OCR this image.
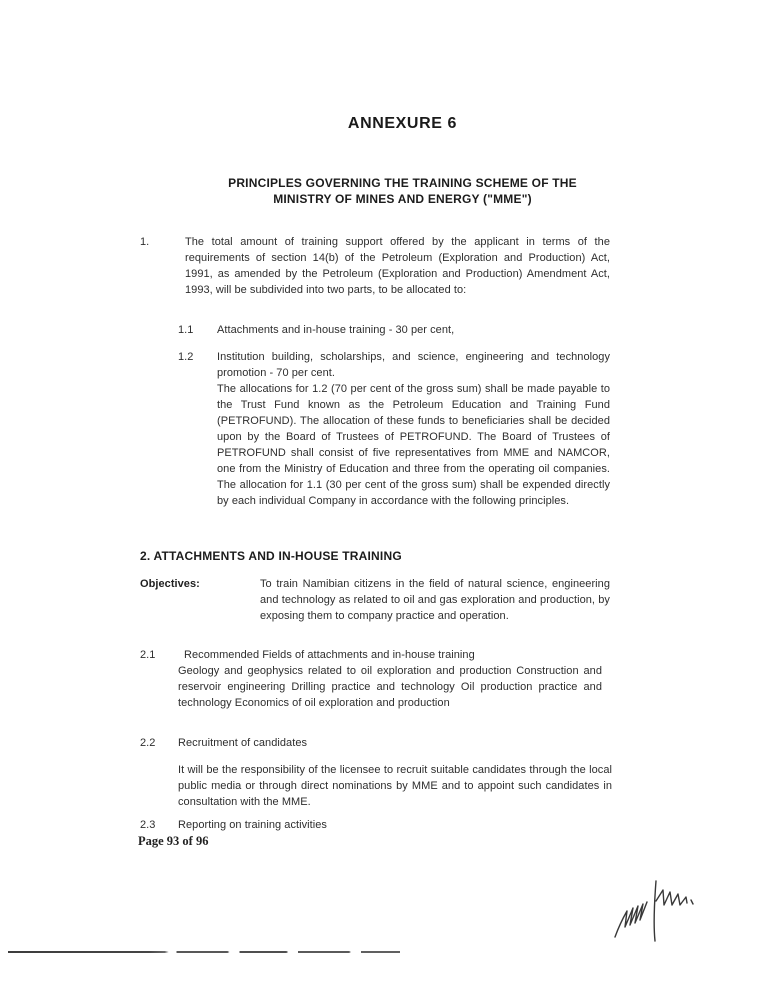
ANNEXURE 6
PRINCIPLES GOVERNING THE TRAINING SCHEME OF THE
MINISTRY OF MINES AND ENERGY ("MME")
1.	The total amount of training support offered by the applicant in terms of the requirements of section 14(b) of the Petroleum (Exploration and Production) Act, 1991, as amended by the Petroleum (Exploration and Production) Amendment Act, 1993, will be subdivided into two parts, to be allocated to:
1.1 Attachments and in-house training - 30 per cent,
1.2 Institution building, scholarships, and science, engineering and technology promotion - 70 per cent.
The allocations for 1.2 (70 per cent of the gross sum) shall be made payable to the Trust Fund known as the Petroleum Education and Training Fund (PETROFUND). The allocation of these funds to beneficiaries shall be decided upon by the Board of Trustees of PETROFUND. The Board of Trustees of PETROFUND shall consist of five representatives from MME and NAMCOR, one from the Ministry of Education and three from the operating oil companies. The allocation for 1.1 (30 per cent of the gross sum) shall be expended directly by each individual Company in accordance with the following principles.
2. ATTACHMENTS AND IN-HOUSE TRAINING
Objectives:	To train Namibian citizens in the field of natural science, engineering and technology as related to oil and gas exploration and production, by exposing them to company practice and operation.
2.1	Recommended Fields of attachments and in-house training
Geology and geophysics related to oil exploration and production Construction and reservoir engineering Drilling practice and technology Oil production practice and technology Economics of oil exploration and production
2.2 Recruitment of candidates
It will be the responsibility of the licensee to recruit suitable candidates through the local public media or through direct nominations by MME and to appoint such candidates in consultation with the MME.
2.3 Reporting on training activities
Page 93 of 96
